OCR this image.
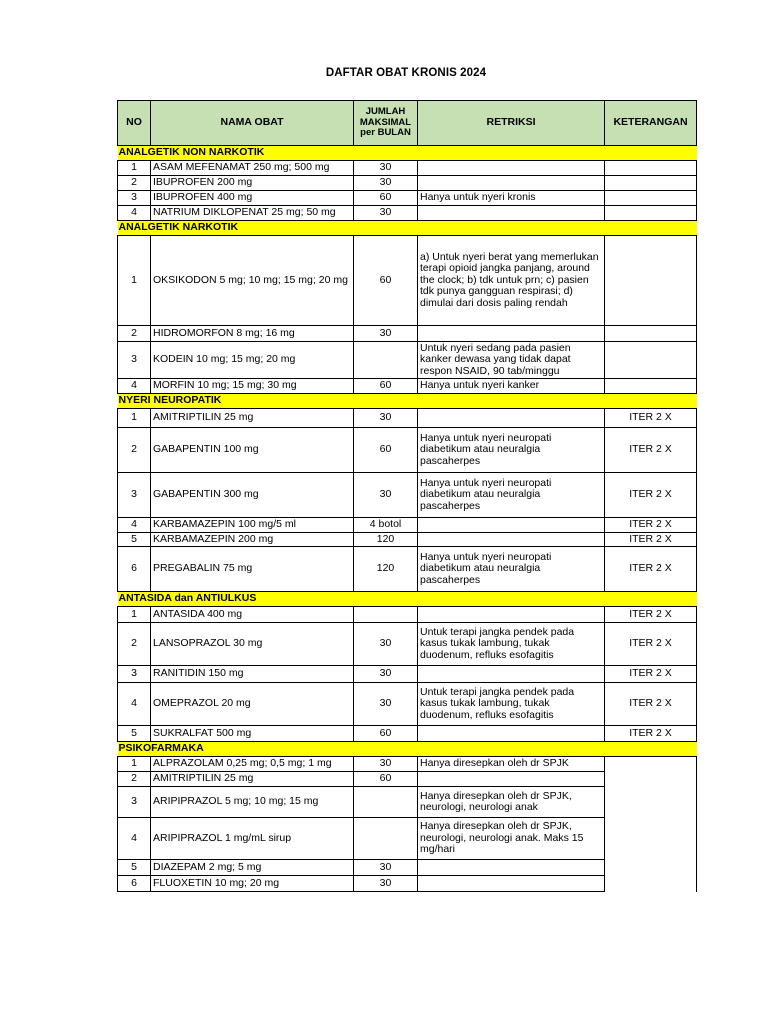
DAFTAR OBAT KRONIS 2024
NO	NAMA OBAT	JUMLAH
MAKSIMAL
per BULAN	RETRIKSI	KETERANGAN
ANALGETIK NON NARKOTIK				
1	ASAM MEFENAMAT 250 mg; 500 mg	30		
2	IBUPROFEN 200 mg	30		
3	IBUPROFEN 400 mg	60	Hanya untuk nyeri kronis	
4	NATRIUM DIKLOPENAT 25 mg; 50 mg	30		
ANALGETIK NARKOTIK				
1	OKSIKODON 5 mg; 10 mg; 15 mg; 20 mg	60	a) Untuk nyeri berat yang memerlukan terapi opioid jangka panjang, around the clock; b) tdk untuk prn; c) pasien tdk punya gangguan respirasi; d) dimulai dari dosis paling rendah	
2	HIDROMORFON 8 mg; 16 mg	30		
3	KODEIN 10 mg; 15 mg; 20 mg		Untuk nyeri sedang pada pasien kanker dewasa yang tidak dapat respon NSAID, 90 tab/minggu	
4	MORFIN 10 mg; 15 mg; 30 mg	60	Hanya untuk nyeri kanker	
NYERI NEUROPATIK				
1	AMITRIPTILIN 25 mg	30		ITER 2 X
2	GABAPENTIN 100 mg	60	Hanya untuk nyeri neuropati diabetikum atau neuralgia pascaherpes	ITER 2 X
3	GABAPENTIN 300 mg	30	Hanya untuk nyeri neuropati diabetikum atau neuralgia pascaherpes	ITER 2 X
4	KARBAMAZEPIN 100 mg/5 ml	4 botol		ITER 2 X
5	KARBAMAZEPIN 200 mg	120		ITER 2 X
6	PREGABALIN 75 mg	120	Hanya untuk nyeri neuropati diabetikum atau neuralgia pascaherpes	ITER 2 X
ANTASIDA dan ANTIULKUS				
1	ANTASIDA 400 mg			ITER 2 X
2	LANSOPRAZOL 30 mg	30	Untuk terapi jangka pendek pada kasus tukak lambung, tukak duodenum, refluks esofagitis	ITER 2 X
3	RANITIDIN 150 mg	30		ITER 2 X
4	OMEPRAZOL 20 mg	30	Untuk terapi jangka pendek pada kasus tukak lambung, tukak duodenum, refluks esofagitis	ITER 2 X
5	SUKRALFAT 500 mg	60		ITER 2 X
PSIKOFARMAKA				
1	ALPRAZOLAM 0,25 mg; 0,5 mg; 1 mg	30	Hanya diresepkan oleh dr SPJK	
2	AMITRIPTILIN 25 mg	60		
3	ARIPIPRAZOL 5 mg; 10 mg; 15 mg		Hanya diresepkan oleh dr SPJK, neurologi, neurologi anak	
4	ARIPIPRAZOL 1 mg/mL sirup		Hanya diresepkan oleh dr SPJK, neurologi, neurologi anak. Maks 15 mg/hari	
5	DIAZEPAM 2 mg; 5 mg	30		
6	FLUOXETIN 10 mg; 20 mg	30		
